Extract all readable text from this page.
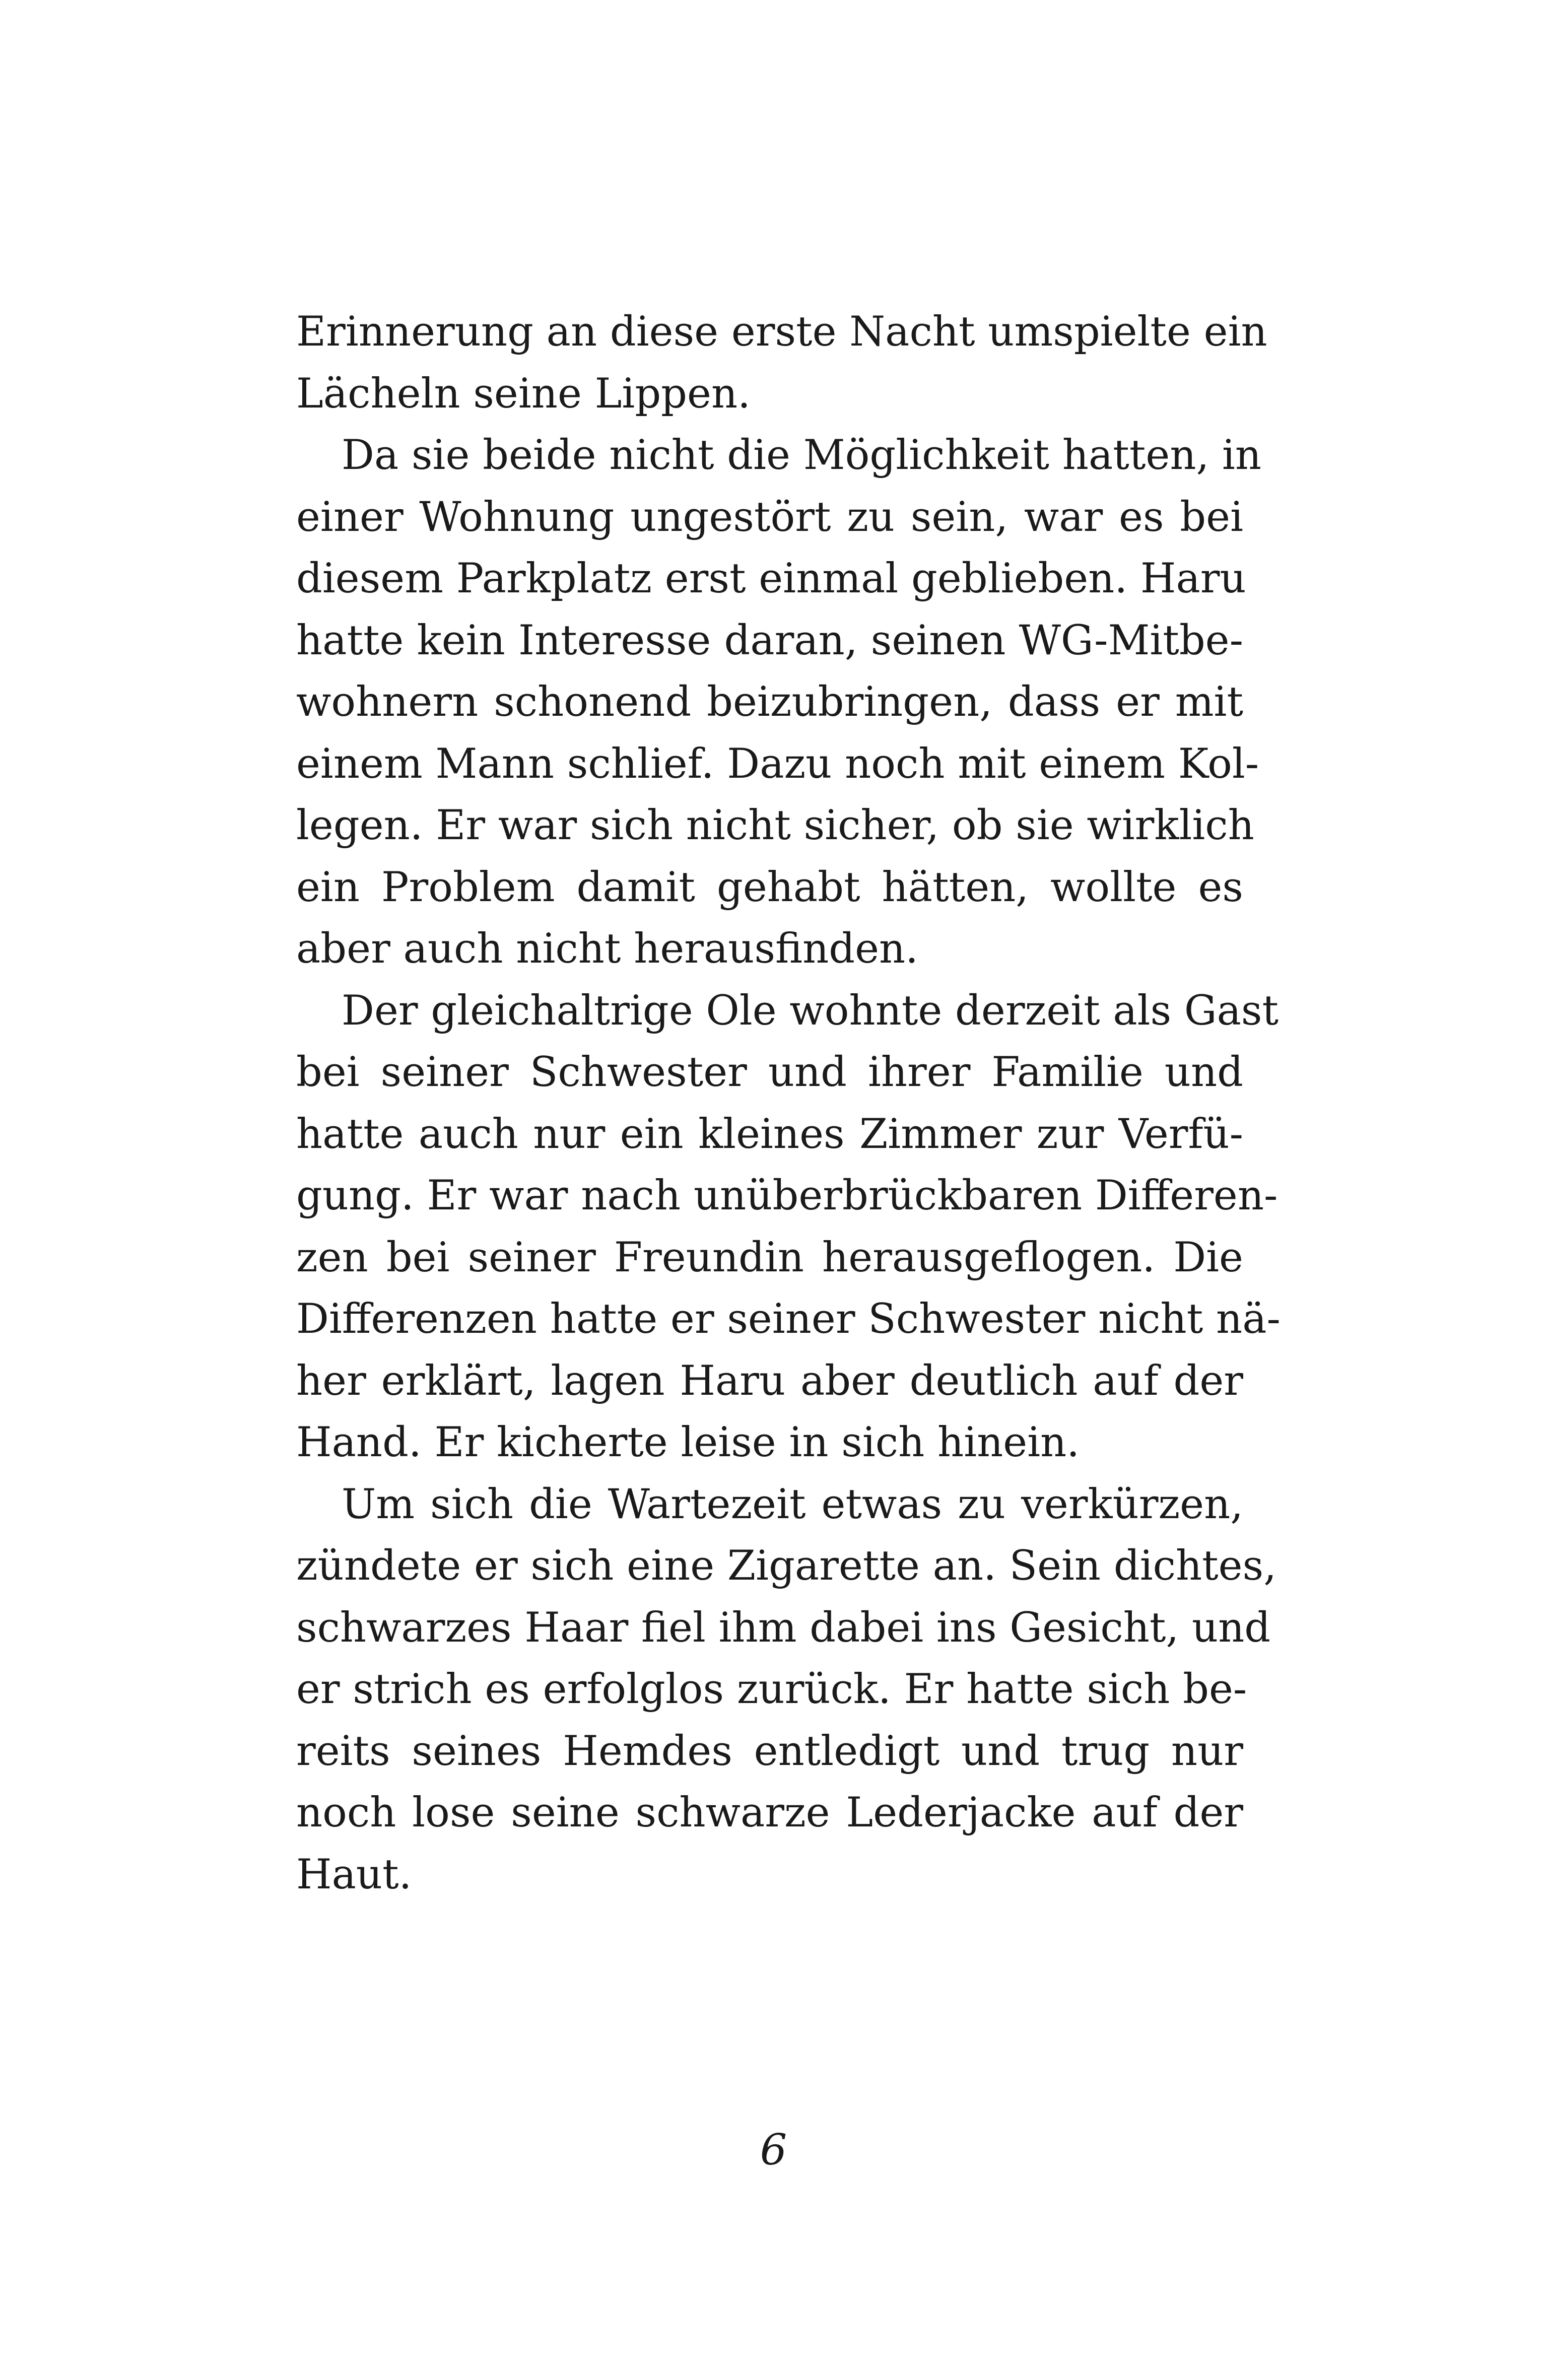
Erinnerung an diese erste Nacht umspielte ein
Lächeln seine Lippen.
Da sie beide nicht die Möglichkeit hatten, in
einer Wohnung ungestört zu sein, war es bei
diesem Parkplatz erst einmal geblieben. Haru
hatte kein Interesse daran, seinen WG-Mitbe-
wohnern schonend beizubringen, dass er mit
einem Mann schlief. Dazu noch mit einem Kol-
legen. Er war sich nicht sicher, ob sie wirklich
ein Problem damit gehabt hätten, wollte es
aber auch nicht herausfinden.
Der gleichaltrige Ole wohnte derzeit als Gast
bei seiner Schwester und ihrer Familie und
hatte auch nur ein kleines Zimmer zur Verfü-
gung. Er war nach unüberbrückbaren Differen-
zen bei seiner Freundin herausgeflogen. Die
Differenzen hatte er seiner Schwester nicht nä-
her erklärt, lagen Haru aber deutlich auf der
Hand. Er kicherte leise in sich hinein.
Um sich die Wartezeit etwas zu verkürzen,
zündete er sich eine Zigarette an. Sein dichtes,
schwarzes Haar fiel ihm dabei ins Gesicht, und
er strich es erfolglos zurück. Er hatte sich be-
reits seines Hemdes entledigt und trug nur
noch lose seine schwarze Lederjacke auf der
Haut.
6
